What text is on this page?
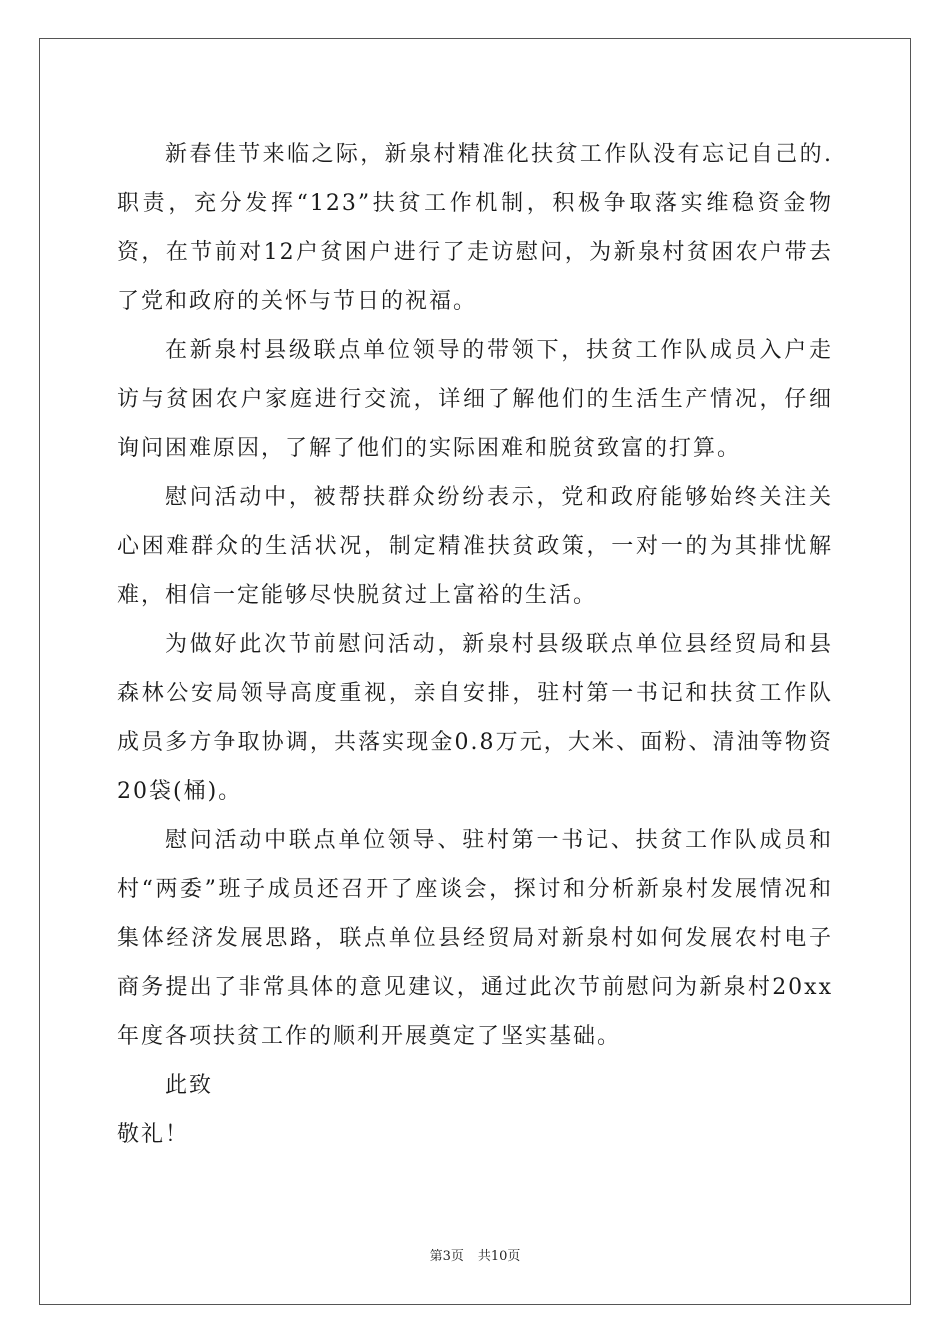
新春佳节来临之际，新泉村精准化扶贫工作队没有忘记自己的.职责，充分发挥“123”扶贫工作机制，积极争取落实维稳资金物资，在节前对12户贫困户进行了走访慰问，为新泉村贫困农户带去了党和政府的关怀与节日的祝福。

在新泉村县级联点单位领导的带领下，扶贫工作队成员入户走访与贫困农户家庭进行交流，详细了解他们的生活生产情况，仔细询问困难原因，了解了他们的实际困难和脱贫致富的打算。

慰问活动中，被帮扶群众纷纷表示，党和政府能够始终关注关心困难群众的生活状况，制定精准扶贫政策，一对一的为其排忧解难，相信一定能够尽快脱贫过上富裕的生活。

为做好此次节前慰问活动，新泉村县级联点单位县经贸局和县森林公安局领导高度重视，亲自安排，驻村第一书记和扶贫工作队成员多方争取协调，共落实现金0.8万元，大米、面粉、清油等物资20袋(桶)。

慰问活动中联点单位领导、驻村第一书记、扶贫工作队成员和村“两委”班子成员还召开了座谈会，探讨和分析新泉村发展情况和集体经济发展思路，联点单位县经贸局对新泉村如何发展农村电子商务提出了非常具体的意见建议，通过此次节前慰问为新泉村20xx年度各项扶贫工作的顺利开展奠定了坚实基础。

此致

敬礼！

第3页 共10页
